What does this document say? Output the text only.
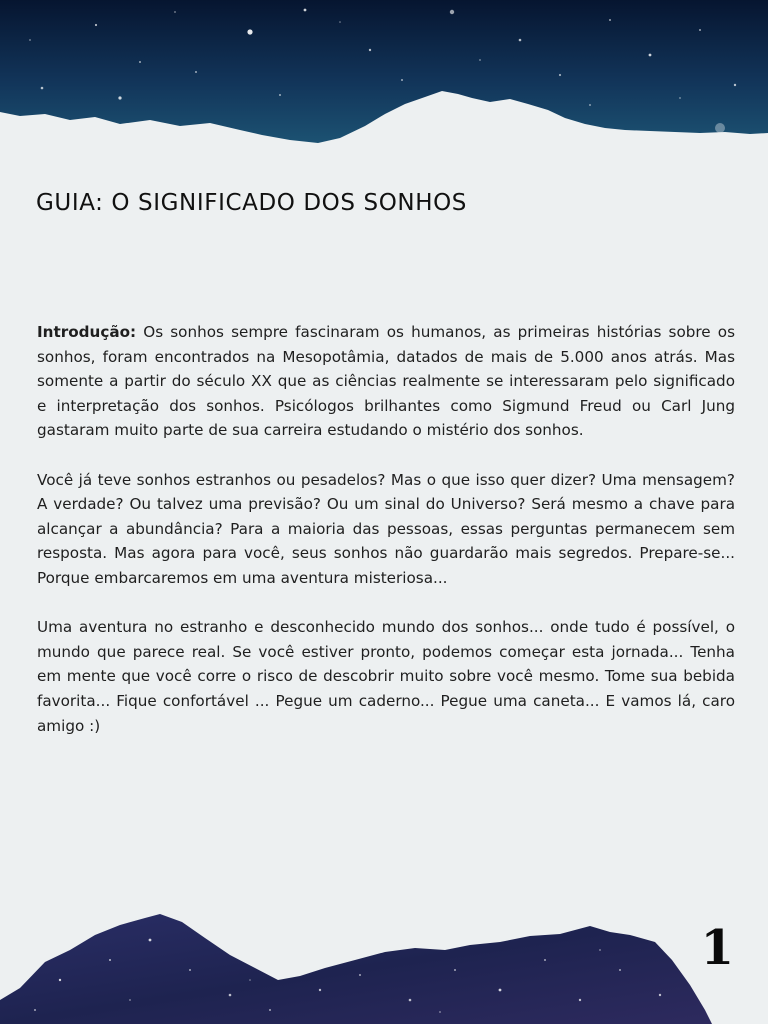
GUIA: O SIGNIFICADO DOS SONHOS

Introdução: Os sonhos sempre fascinaram os humanos, as primeiras histórias sobre os sonhos, foram encontrados na Mesopotâmia, datados de mais de 5.000 anos atrás. Mas somente a partir do século XX que as ciências realmente se interessaram pelo significado e interpretação dos sonhos. Psicólogos brilhantes como Sigmund Freud ou Carl Jung gastaram muito parte de sua carreira estudando o mistério dos sonhos.

Você já teve sonhos estranhos ou pesadelos? Mas o que isso quer dizer? Uma mensagem? A verdade? Ou talvez uma previsão? Ou um sinal do Universo? Será mesmo a chave para alcançar a abundância? Para a maioria das pessoas, essas perguntas permanecem sem resposta. Mas agora para você, seus sonhos não guardarão mais segredos. Prepare-se... Porque embarcaremos em uma aventura misteriosa...

Uma aventura no estranho e desconhecido mundo dos sonhos... onde tudo é possível, o mundo que parece real. Se você estiver pronto, podemos começar esta jornada... Tenha em mente que você corre o risco de descobrir muito sobre você mesmo. Tome sua bebida favorita... Fique confortável ... Pegue um caderno... Pegue uma caneta... E vamos lá, caro amigo :)

1
